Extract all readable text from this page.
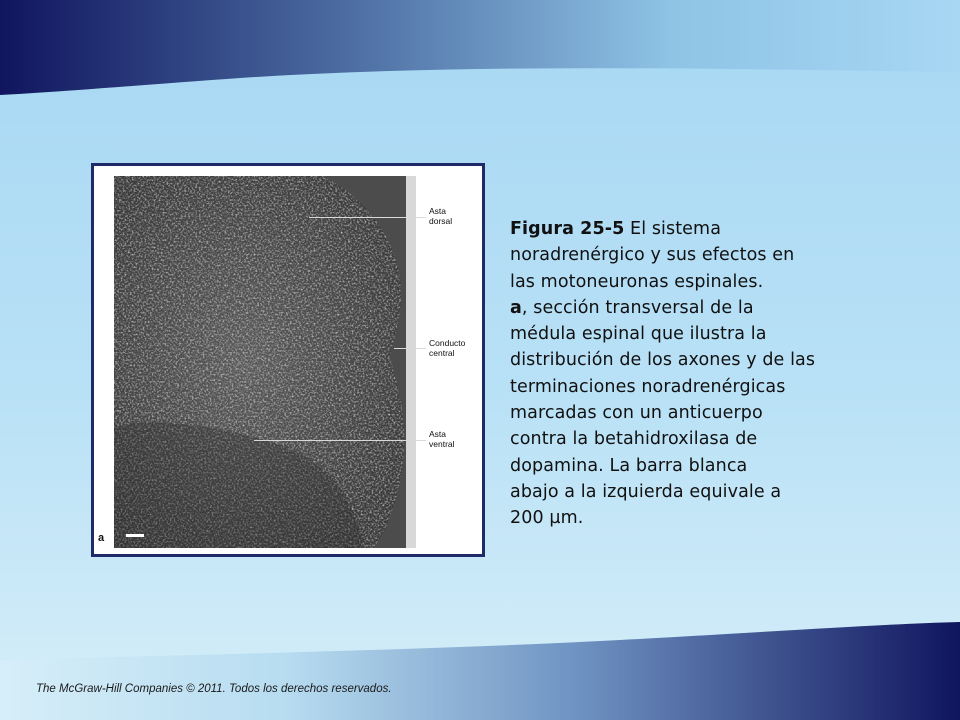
a
Asta
dorsal
Conducto
central
Asta
ventral
Figura 25-5 El sistema
noradrenérgico y sus efectos en
las motoneuronas espinales.
a, sección transversal de la
médula espinal que ilustra la
distribución de los axones y de las
terminaciones noradrenérgicas
marcadas con un anticuerpo
contra la betahidroxilasa de
dopamina. La barra blanca
abajo a la izquierda equivale a
200 µm.
The McGraw-Hill Companies © 2011. Todos los derechos reservados.
